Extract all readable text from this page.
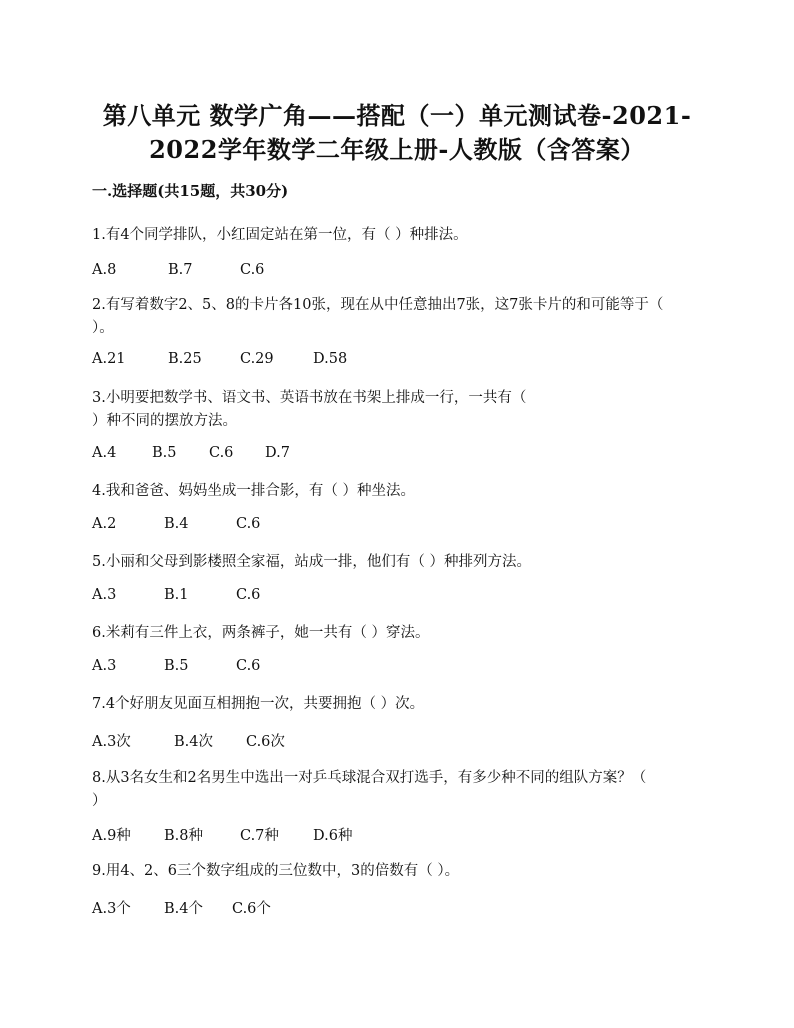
第八单元 数学广角——搭配（一）单元测试卷-2021-
2022学年数学二年级上册-人教版（含答案）
一.选择题(共15题，共30分)
1.有4个同学排队，小红固定站在第一位，有（ ）种排法。
A.8	B.7	C.6
2.有写着数字2、5、8的卡片各10张，现在从中任意抽出7张，这7张卡片的和可能等于（
）。
A.21	B.25	C.29	D.58
3.小明要把数学书、语文书、英语书放在书架上排成一行，一共有（
）种不同的摆放方法。
A.4 B.5 C.6 D.7
4.我和爸爸、妈妈坐成一排合影，有（ ）种坐法。
A.2	B.4	C.6
5.小丽和父母到影楼照全家福，站成一排，他们有（ ）种排列方法。
A.3	B.1	C.6
6.米莉有三件上衣，两条裤子，她一共有（ ）穿法。
A.3	B.5	C.6
7.4个好朋友见面互相拥抱一次，共要拥抱（ ）次。
A.3次	B.4次 C.6次
8.从3名女生和2名男生中选出一对乒乓球混合双打选手，有多少种不同的组队方案？（
）
A.9种 B.8种	C.7种 D.6种
9.用4、2、6三个数字组成的三位数中，3的倍数有（ ）。
A.3个 B.4个 C.6个
